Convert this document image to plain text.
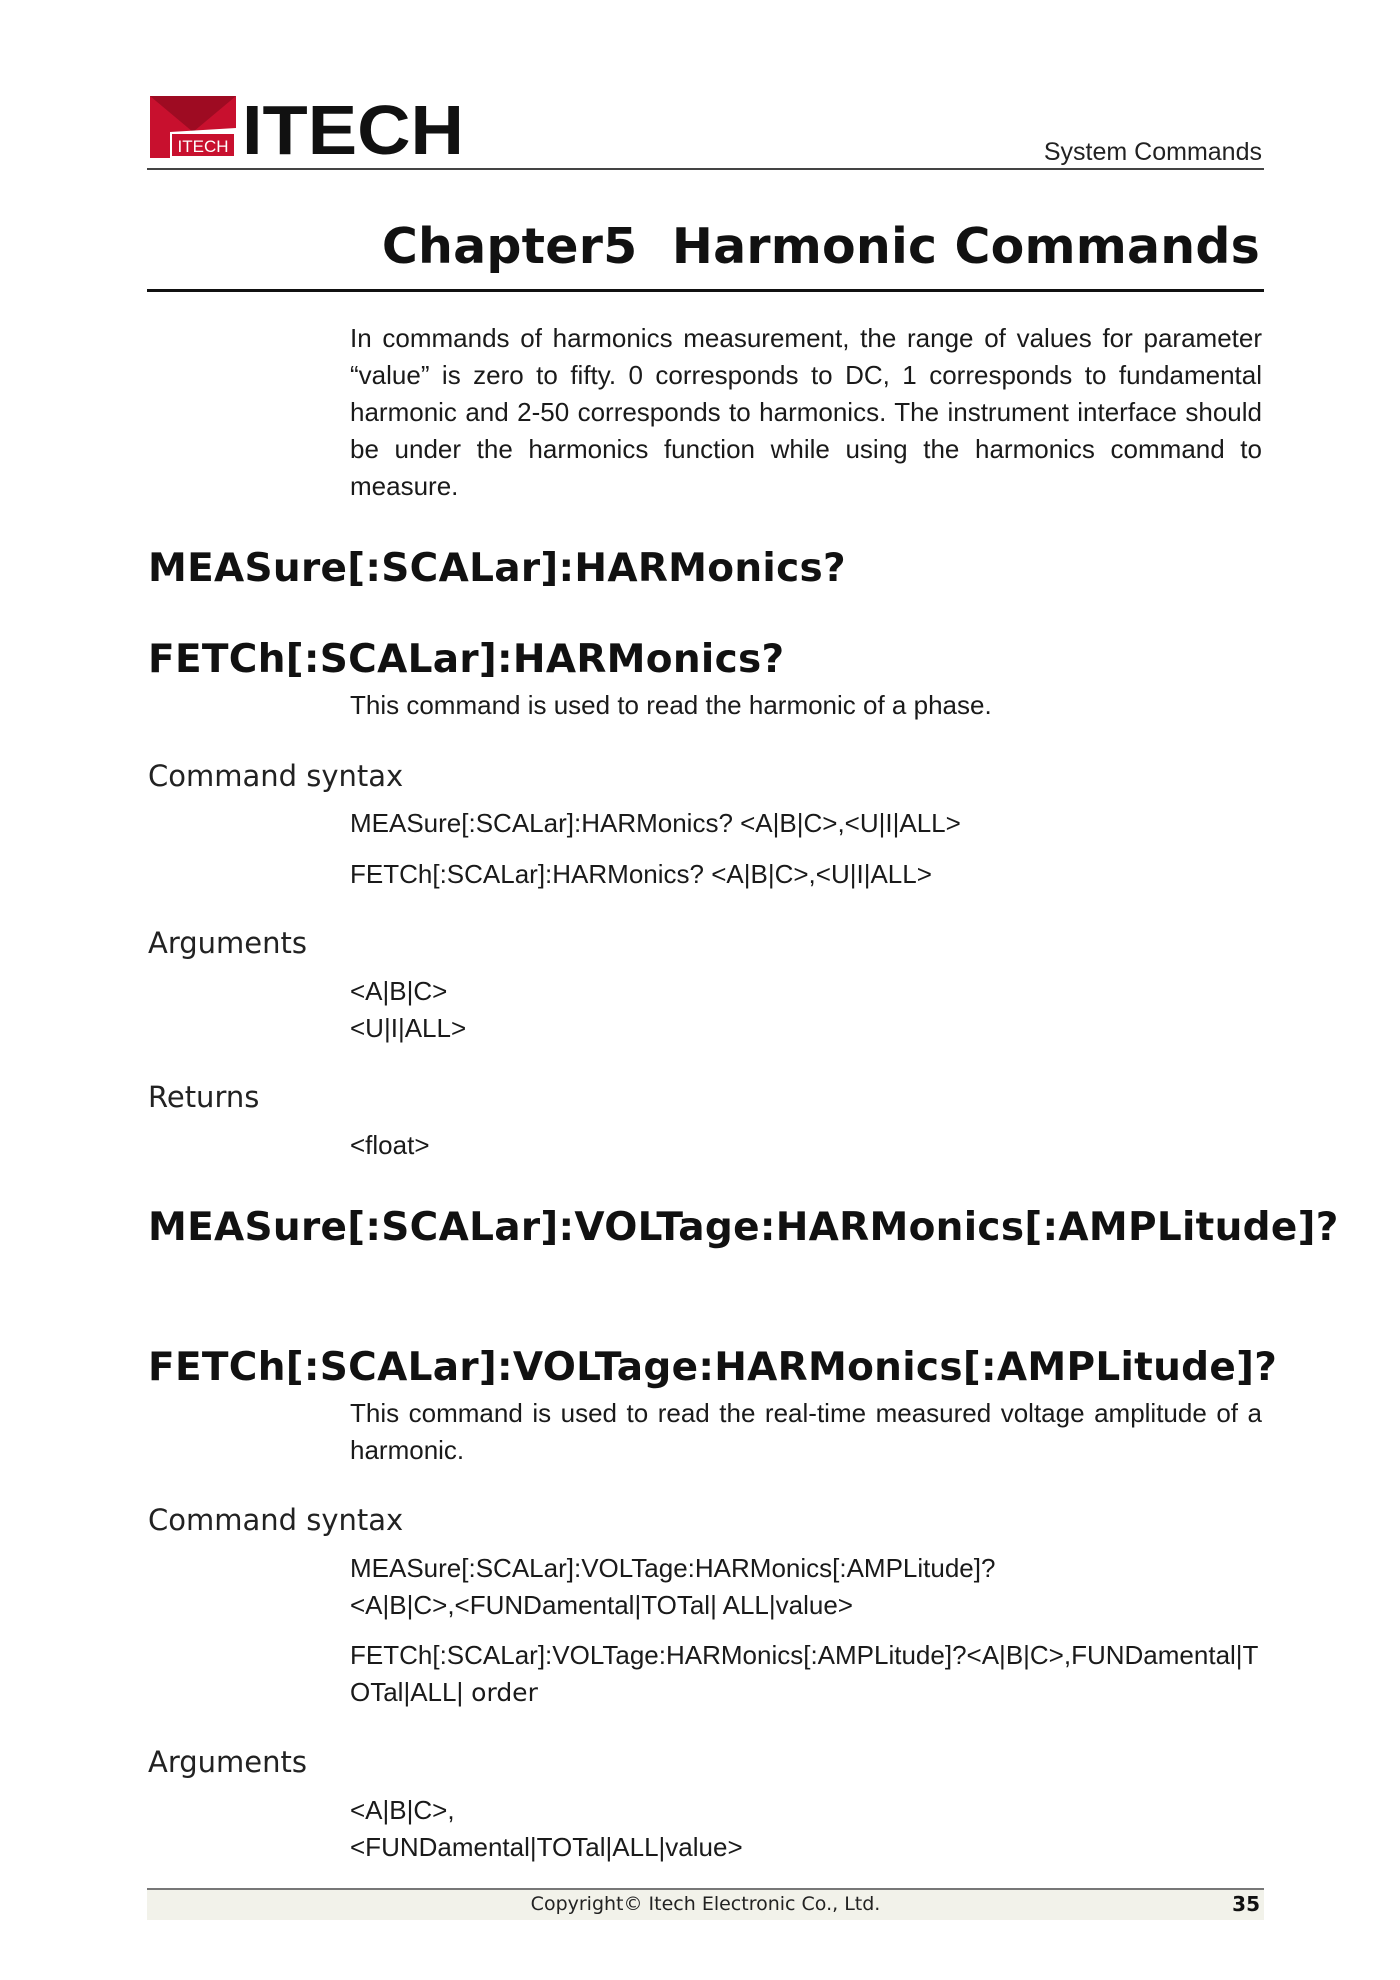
ITECH ITECH	System Commands
Chapter5 Harmonic Commands
In commands of harmonics measurement, the range of values for parameter “value” is zero to fifty. 0 corresponds to DC, 1 corresponds to fundamental harmonic and 2-50 corresponds to harmonics. The instrument interface should be under the harmonics function while using the harmonics command to measure.
MEASure[:SCALar]:HARMonics?
FETCh[:SCALar]:HARMonics?
This command is used to read the harmonic of a phase.
Command syntax
MEASure[:SCALar]:HARMonics? <A|B|C>,<U|I|ALL>
FETCh[:SCALar]:HARMonics? <A|B|C>,<U|I|ALL>
Arguments
<A|B|C>
<U|I|ALL>
Returns
<float>
MEASure[:SCALar]:VOLTage:HARMonics[:AMPLitude]?
FETCh[:SCALar]:VOLTage:HARMonics[:AMPLitude]?
This command is used to read the real-time measured voltage amplitude of a harmonic.
Command syntax
MEASure[:SCALar]:VOLTage:HARMonics[:AMPLitude]?
<A|B|C>,<FUNDamental|TOTal| ALL|value>
FETCh[:SCALar]:VOLTage:HARMonics[:AMPLitude]?<A|B|C>,FUNDamental|T
OTal|ALL| order
Arguments
<A|B|C>,
<FUNDamental|TOTal|ALL|value>
Copyright© Itech Electronic Co., Ltd.	35
